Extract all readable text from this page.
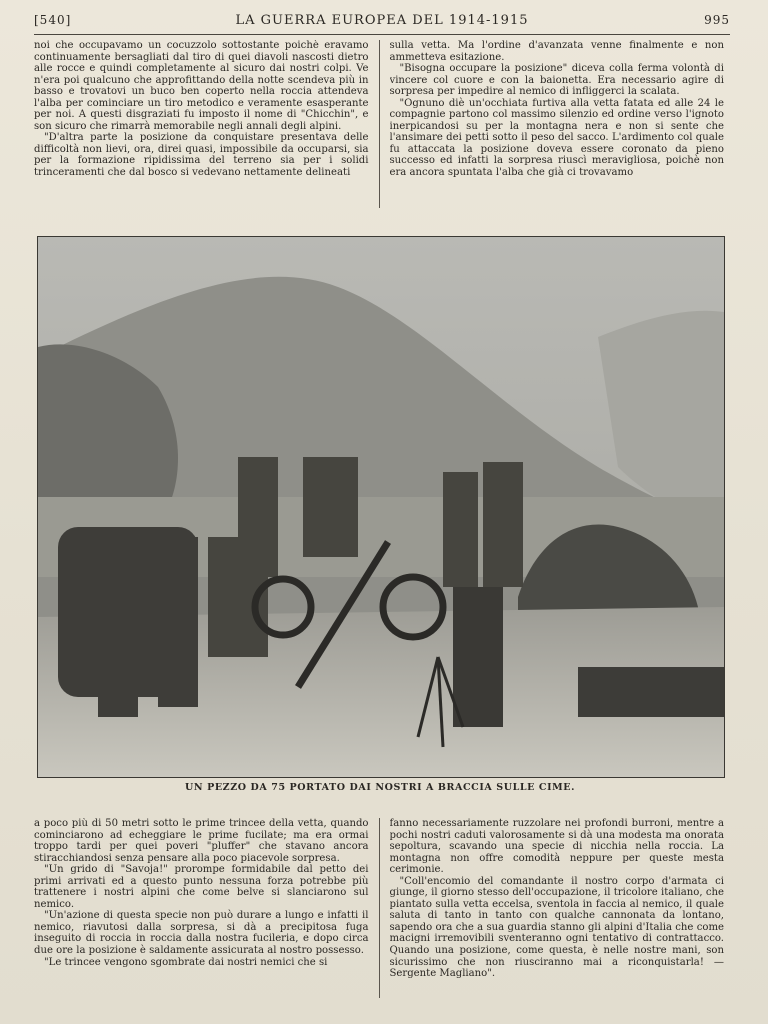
[540]	LA GUERRA EUROPEA DEL 1914-1915	995

noi che occupavamo un cocuzzolo sottostante poichè eravamo continuamente bersagliati dal tiro di quei diavoli nascosti dietro alle rocce e quindi completamente al sicuro dai nostri colpi. Ve n'era poi qualcuno che approfittando della notte scendeva più in basso e trovatovi un buco ben coperto nella roccia attendeva l'alba per cominciare un tiro metodico e veramente esasperante per noi. A questi disgraziati fu imposto il nome di "Chicchin", e son sicuro che rimarrà memorabile negli annali degli alpini.

"D'altra parte la posizione da conquistare presentava delle difficoltà non lievi, ora, direi quasi, impossibile da occuparsi, sia per la formazione ripidissima del terreno sia per i solidi trinceramenti che dal bosco si vedevano nettamente delineati

sulla vetta. Ma l'ordine d'avanzata venne finalmente e non ammetteva esitazione.

"Bisogna occupare la posizione" diceva colla ferma volontà di vincere col cuore e con la baionetta. Era necessario agire di sorpresa per impedire al nemico di infliggerci la scalata.

"Ognuno diè un'occhiata furtiva alla vetta fatata ed alle 24 le compagnie partono col massimo silenzio ed ordine verso l'ignoto inerpicandosi su per la montagna nera e non si sente che l'ansimare dei petti sotto il peso del sacco. L'ardimento col quale fu attaccata la posizione doveva essere coronato da pieno successo ed infatti la sorpresa riuscì meravigliosa, poichè non era ancora spuntata l'alba che già ci trovavamo

UN PEZZO DA 75 PORTATO DAI NOSTRI A BRACCIA SULLE CIME.

a poco più di 50 metri sotto le prime trincee della vetta, quando cominciarono ad echeggiare le prime fucilate; ma era ormai troppo tardi per quei poveri "pluffer" che stavano ancora stiracchiandosi senza pensare alla poco piacevole sorpresa.

"Un grido di "Savoja!" prorompe formidabile dal petto dei primi arrivati ed a questo punto nessuna forza potrebbe più trattenere i nostri alpini che come belve si slanciarono sul nemico.

"Un'azione di questa specie non può durare a lungo e infatti il nemico, riavutosi dalla sorpresa, si dà a precipitosa fuga inseguito di roccia in roccia dalla nostra fucileria, e dopo circa due ore la posizione è saldamente assicurata al nostro possesso.

"Le trincee vengono sgombrate dai nostri nemici che si

fanno necessariamente ruzzolare nei profondi burroni, mentre a pochi nostri caduti valorosamente si dà una modesta ma onorata sepoltura, scavando una specie di nicchia nella roccia. La montagna non offre comodità neppure per queste mesta cerimonie.

"Coll'encomio del comandante il nostro corpo d'armata ci giunge, il giorno stesso dell'occupazione, il tricolore italiano, che piantato sulla vetta eccelsa, sventola in faccia al nemico, il quale saluta di tanto in tanto con qualche cannonata da lontano, sapendo ora che a sua guardia stanno gli alpini d'Italia che come macigni irremovibili sventeranno ogni tentativo di contrattacco. Quando una posizione, come questa, è nelle nostre mani, son sicurissimo che non riusciranno mai a riconquistarla! — Sergente Magliano".
